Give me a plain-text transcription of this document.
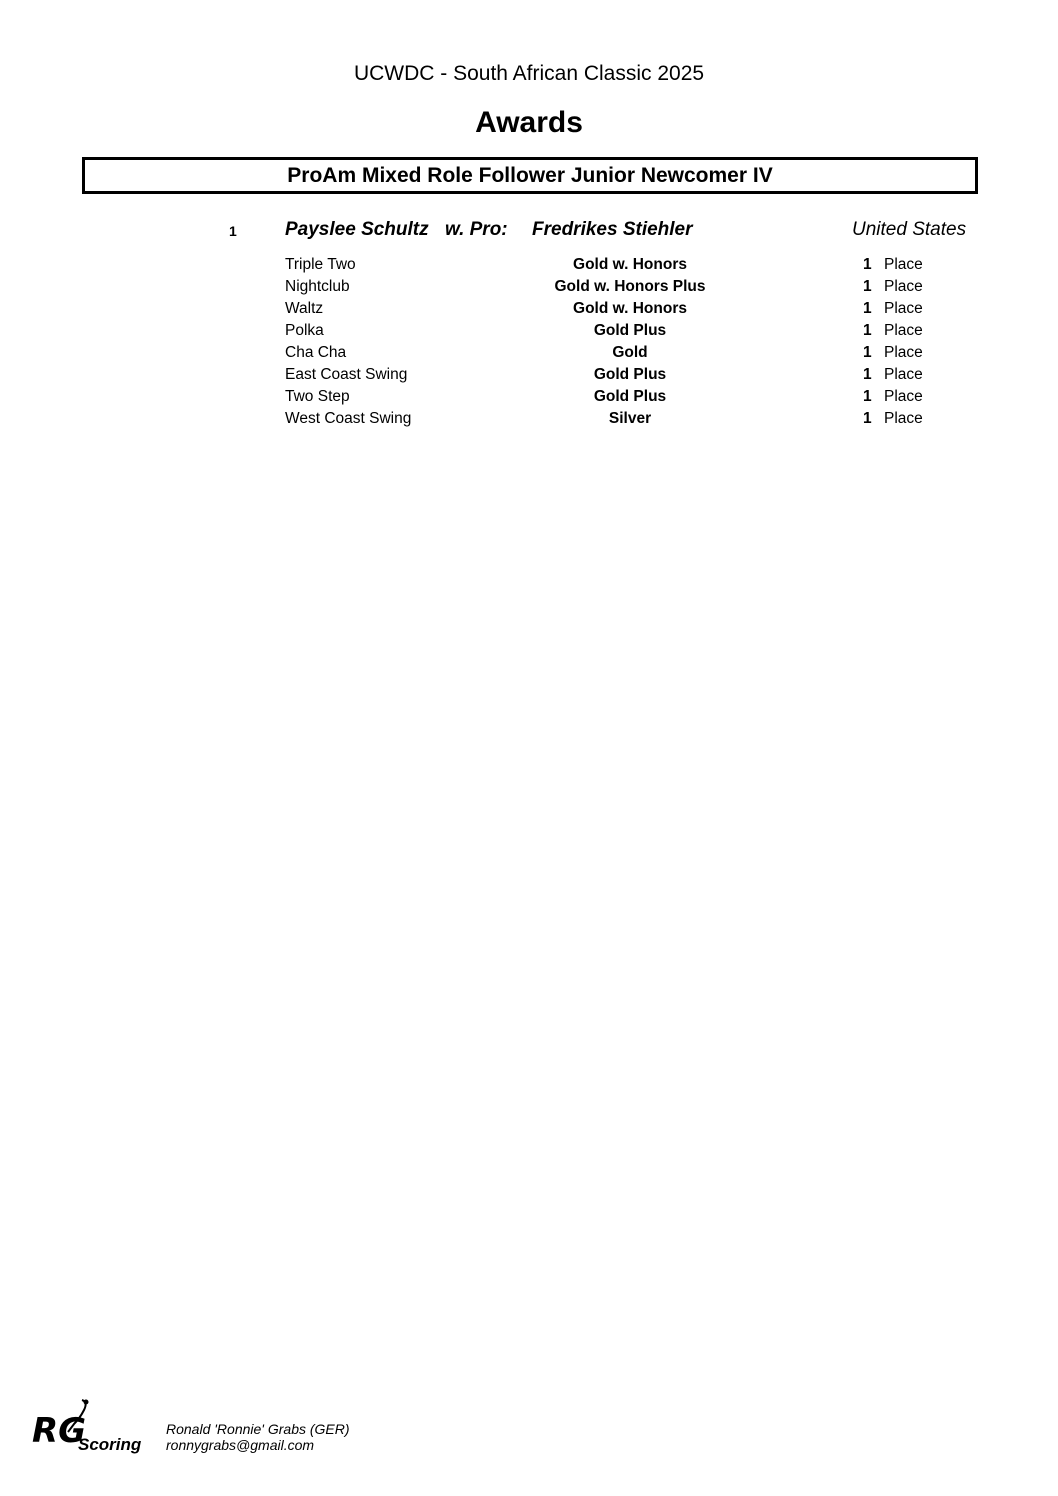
UCWDC - South African Classic 2025
Awards
ProAm Mixed Role Follower Junior Newcomer IV
1	Payslee Schultz w. Pro: Fredrikes Stiehler	United States
Triple Two	Gold w. Honors	1 Place
Nightclub	Gold w. Honors Plus	1 Place
Waltz	Gold w. Honors	1 Place
Polka	Gold Plus	1 Place
Cha Cha	Gold	1 Place
East Coast Swing	Gold Plus	1 Place
Two Step	Gold Plus	1 Place
West Coast Swing	Silver	1 Place
RG
Scoring
Ronald 'Ronnie' Grabs (GER)
ronnygrabs@gmail.com
